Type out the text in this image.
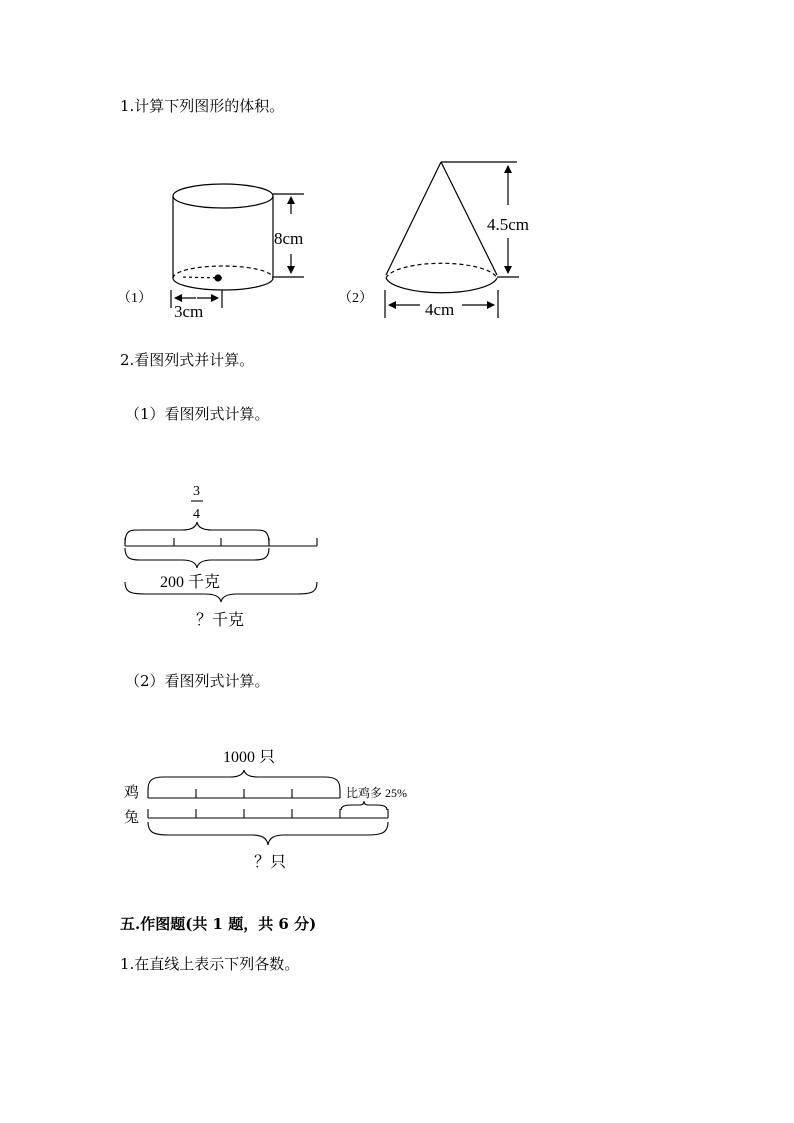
1.计算下列图形的体积。
8cm
（1）
3cm
4.5cm
（2）
4cm
2.看图列式并计算。
（1）看图列式计算。
3
4
200 千克
？千克
（2）看图列式计算。
1000 只
鸡
兔
比鸡多 25%
？只
五.作图题(共 1 题，共 6 分)
1.在直线上表示下列各数。
